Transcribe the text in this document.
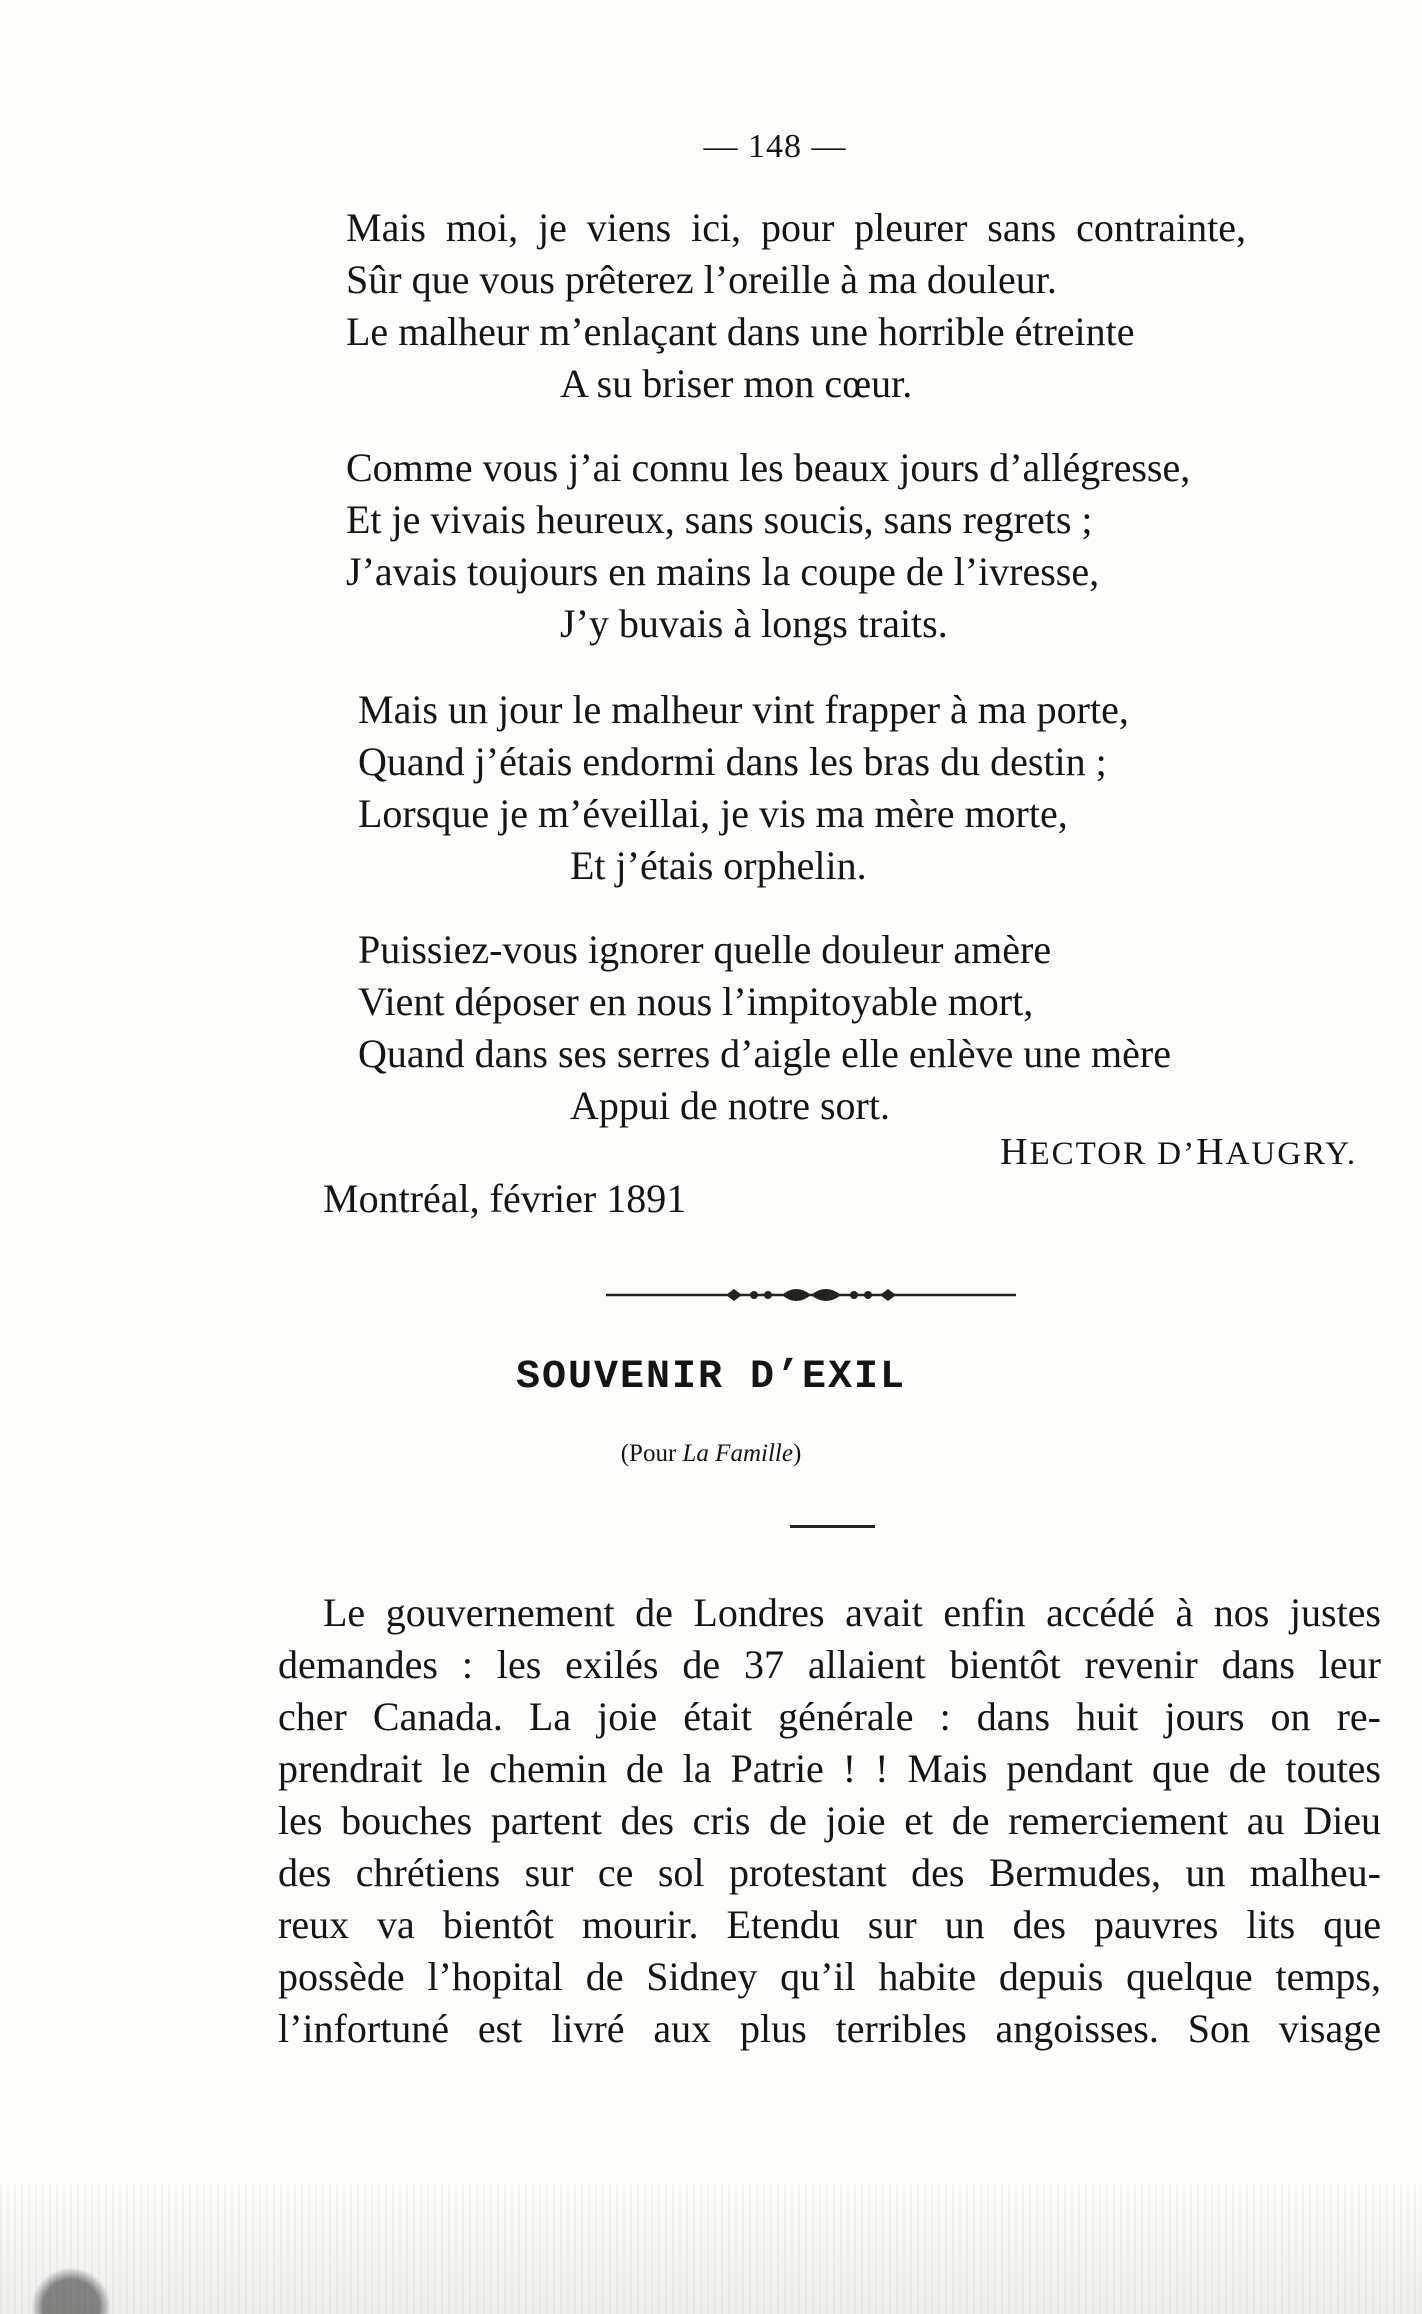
— 148 —
Mais moi, je viens ici, pour pleurer sans contrainte,
Sûr que vous prêterez l’oreille à ma douleur.
Le malheur m’enlaçant dans une horrible étreinte
A su briser mon cœur.
Comme vous j’ai connu les beaux jours d’allégresse,
Et je vivais heureux, sans soucis, sans regrets ;
J’avais toujours en mains la coupe de l’ivresse,
J’y buvais à longs traits.
Mais un jour le malheur vint frapper à ma porte,
Quand j’étais endormi dans les bras du destin ;
Lorsque je m’éveillai, je vis ma mère morte,
Et j’étais orphelin.
Puissiez-vous ignorer quelle douleur amère
Vient déposer en nous l’impitoyable mort,
Quand dans ses serres d’aigle elle enlève une mère
Appui de notre sort.
HECTOR D’HAUGRY.
Montréal, février 1891
SOUVENIR D’EXIL
(Pour La Famille)
Le gouvernement de Londres avait enfin accédé à nos justes
demandes : les exilés de 37 allaient bientôt revenir dans leur
cher Canada. La joie était générale : dans huit jours on re-
prendrait le chemin de la Patrie ! ! Mais pendant que de toutes
les bouches partent des cris de joie et de remerciement au Dieu
des chrétiens sur ce sol protestant des Bermudes, un malheu-
reux va bientôt mourir. Etendu sur un des pauvres lits que
possède l’hopital de Sidney qu’il habite depuis quelque temps,
l’infortuné est livré aux plus terribles angoisses. Son visage
